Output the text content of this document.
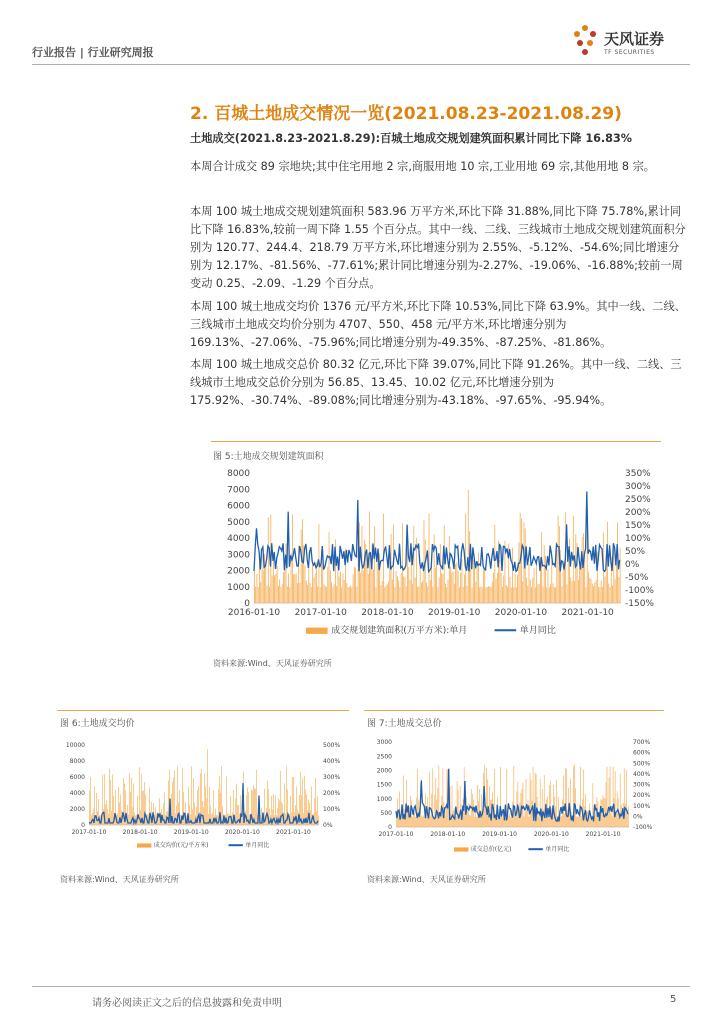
行业报告 | 行业研究周报
天风证券
TF SECURITIES
2. 百城土地成交情况一览(2021.08.23-2021.08.29)
土地成交(2021.8.23-2021.8.29):百城土地成交规划建筑面积累计同比下降 16.83%
本周合计成交 89 宗地块;其中住宅用地 2 宗,商服用地 10 宗,工业用地 69 宗,其他用地 8 宗。
本周 100 城土地成交规划建筑面积 583.96 万平方米,环比下降 31.88%,同比下降 75.78%,累计同比下降 16.83%,较前一周下降 1.55 个百分点。其中一线、二线、三线城市土地成交规划建筑面积分别为 120.77、244.4、218.79 万平方米,环比增速分别为 2.55%、-5.12%、-54.6%;同比增速分别为 12.17%、-81.56%、-77.61%;累计同比增速分别为-2.27%、-19.06%、-16.88%;较前一周变动 0.25、-2.09、-1.29 个百分点。
本周 100 城土地成交均价 1376 元/平方米,环比下降 10.53%,同比下降 63.9%。其中一线、二线、三线城市土地成交均价分别为 4707、550、458 元/平方米,环比增速分别为 169.13%、-27.06%、-75.96%;同比增速分别为-49.35%、-87.25%、-81.86%。
本周 100 城土地成交总价 80.32 亿元,环比下降 39.07%,同比下降 91.26%。其中一线、二线、三线城市土地成交总价分别为 56.85、13.45、10.02 亿元,环比增速分别为 175.92%、-30.74%、-89.08%;同比增速分别为-43.18%、-97.65%、-95.94%。
图 5:土地成交规划建筑面积
0
1000
2000
3000
4000
5000
6000
7000
8000	350%
300%
250%
200%
150%
100%
50%
0%
-50%
-100%
-150%
2016-01-10 2017-01-10 2018-01-10 2019-01-10 2020-01-10 2021-01-10
成交规划建筑面积(万平方米):单月	单月同比
资料来源:Wind、天风证券研究所
图 6:土地成交均价
0
2000
4000
6000
8000
10000	500%
400%
300%
200%
100%
0%
2017-01-10	2018-01-10	2019-01-10	2020-01-10	2021-01-10
成交均价(元/平方米)	单月同比
资料来源:Wind、天风证券研究所
图 7:土地成交总价
0
500
1000
1500
2000
2500
3000	700%
600%
500%
400%
300%
200%
100%
0%
-100%
2017-01-10	2018-01-10	2019-01-10	2020-01-10	2021-01-10
成交总价(亿元)	单月同比
资料来源:Wind、天风证券研究所
请务必阅读正文之后的信息披露和免责申明	5
